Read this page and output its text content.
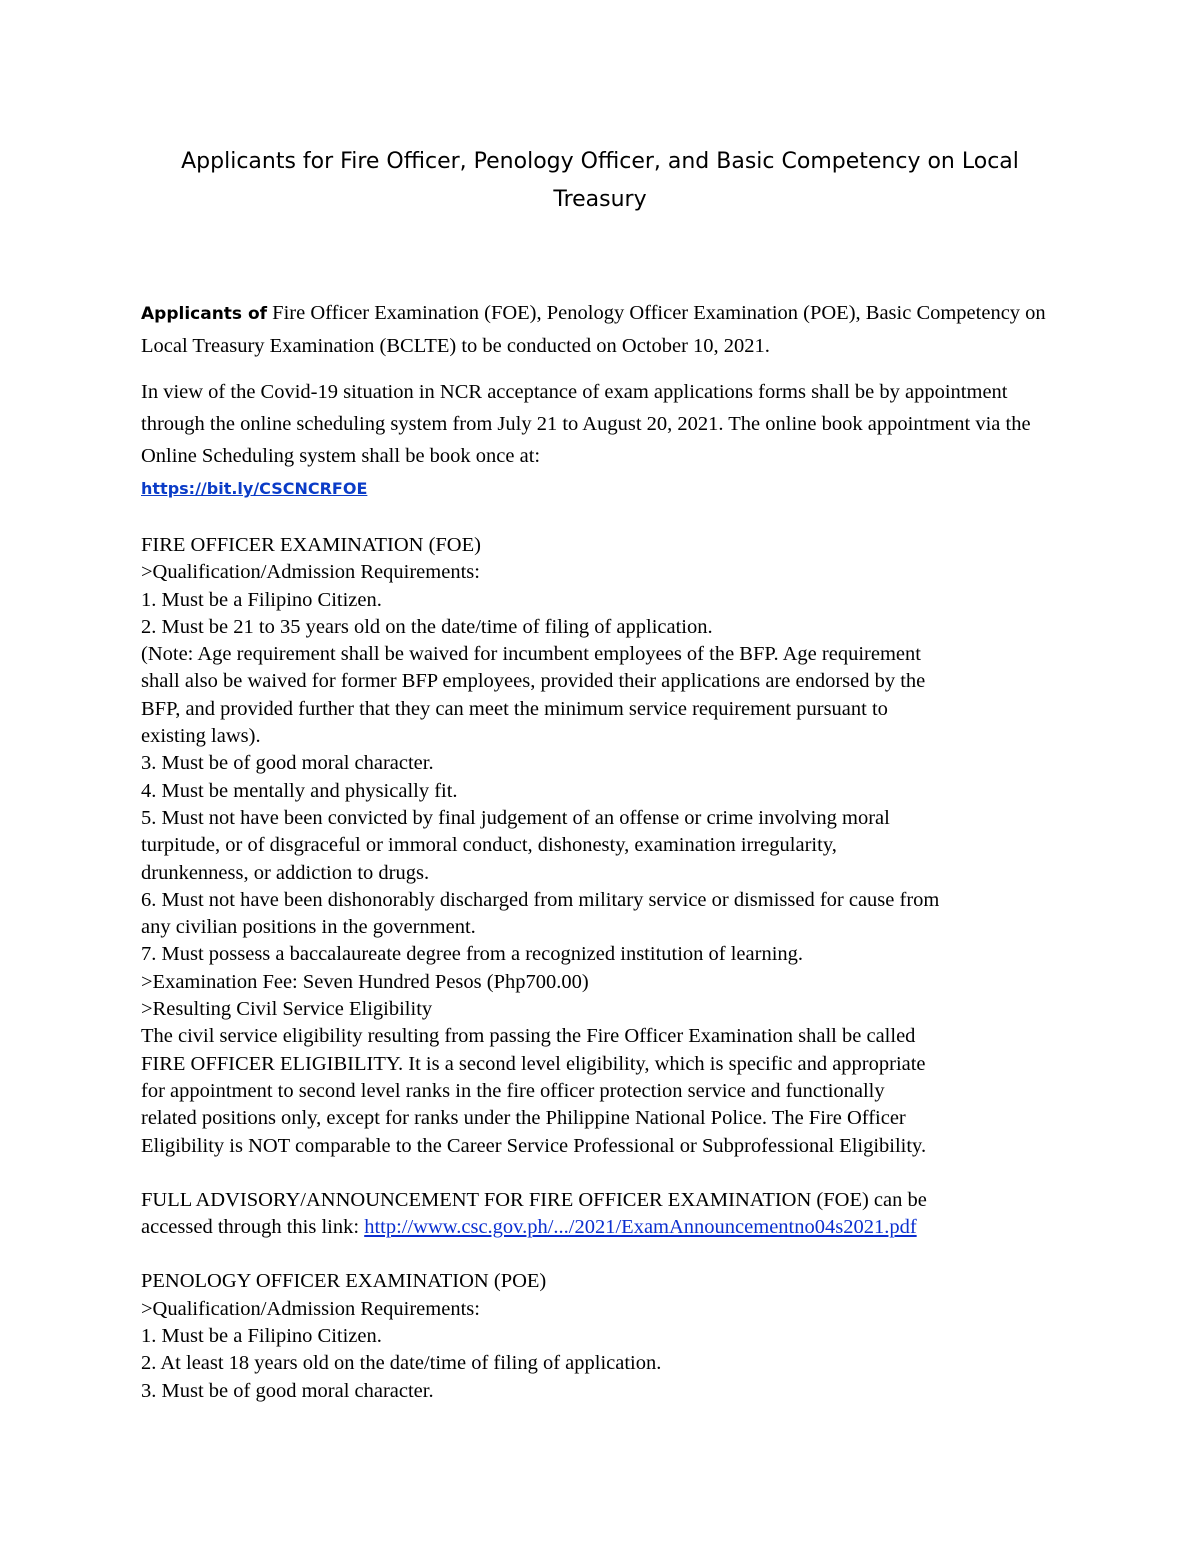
Applicants for Fire Officer, Penology Officer, and Basic Competency on Local Treasury

Applicants of Fire Officer Examination (FOE), Penology Officer Examination (POE), Basic Competency on Local Treasury Examination (BCLTE) to be conducted on October 10, 2021.

In view of the Covid-19 situation in NCR acceptance of exam applications forms shall be by appointment through the online scheduling system from July 21 to August 20, 2021. The online book appointment via the Online Scheduling system shall be book once at:

https://bit.ly/CSCNCRFOE

FIRE OFFICER EXAMINATION (FOE)
>Qualification/Admission Requirements:
1. Must be a Filipino Citizen.
2. Must be 21 to 35 years old on the date/time of filing of application.
(Note: Age requirement shall be waived for incumbent employees of the BFP. Age requirement
shall also be waived for former BFP employees, provided their applications are endorsed by the
BFP, and provided further that they can meet the minimum service requirement pursuant to
existing laws).
3. Must be of good moral character.
4. Must be mentally and physically fit.
5. Must not have been convicted by final judgement of an offense or crime involving moral
turpitude, or of disgraceful or immoral conduct, dishonesty, examination irregularity,
drunkenness, or addiction to drugs.
6. Must not have been dishonorably discharged from military service or dismissed for cause from
any civilian positions in the government.
7. Must possess a baccalaureate degree from a recognized institution of learning.
>Examination Fee: Seven Hundred Pesos (Php700.00)
>Resulting Civil Service Eligibility
The civil service eligibility resulting from passing the Fire Officer Examination shall be called
FIRE OFFICER ELIGIBILITY. It is a second level eligibility, which is specific and appropriate
for appointment to second level ranks in the fire officer protection service and functionally
related positions only, except for ranks under the Philippine National Police. The Fire Officer
Eligibility is NOT comparable to the Career Service Professional or Subprofessional Eligibility.
FULL ADVISORY/ANNOUNCEMENT FOR FIRE OFFICER EXAMINATION (FOE) can be
accessed through this link: http://www.csc.gov.ph/.../2021/ExamAnnouncementno04s2021.pdf
PENOLOGY OFFICER EXAMINATION (POE)
>Qualification/Admission Requirements:
1. Must be a Filipino Citizen.
2. At least 18 years old on the date/time of filing of application.
3. Must be of good moral character.
